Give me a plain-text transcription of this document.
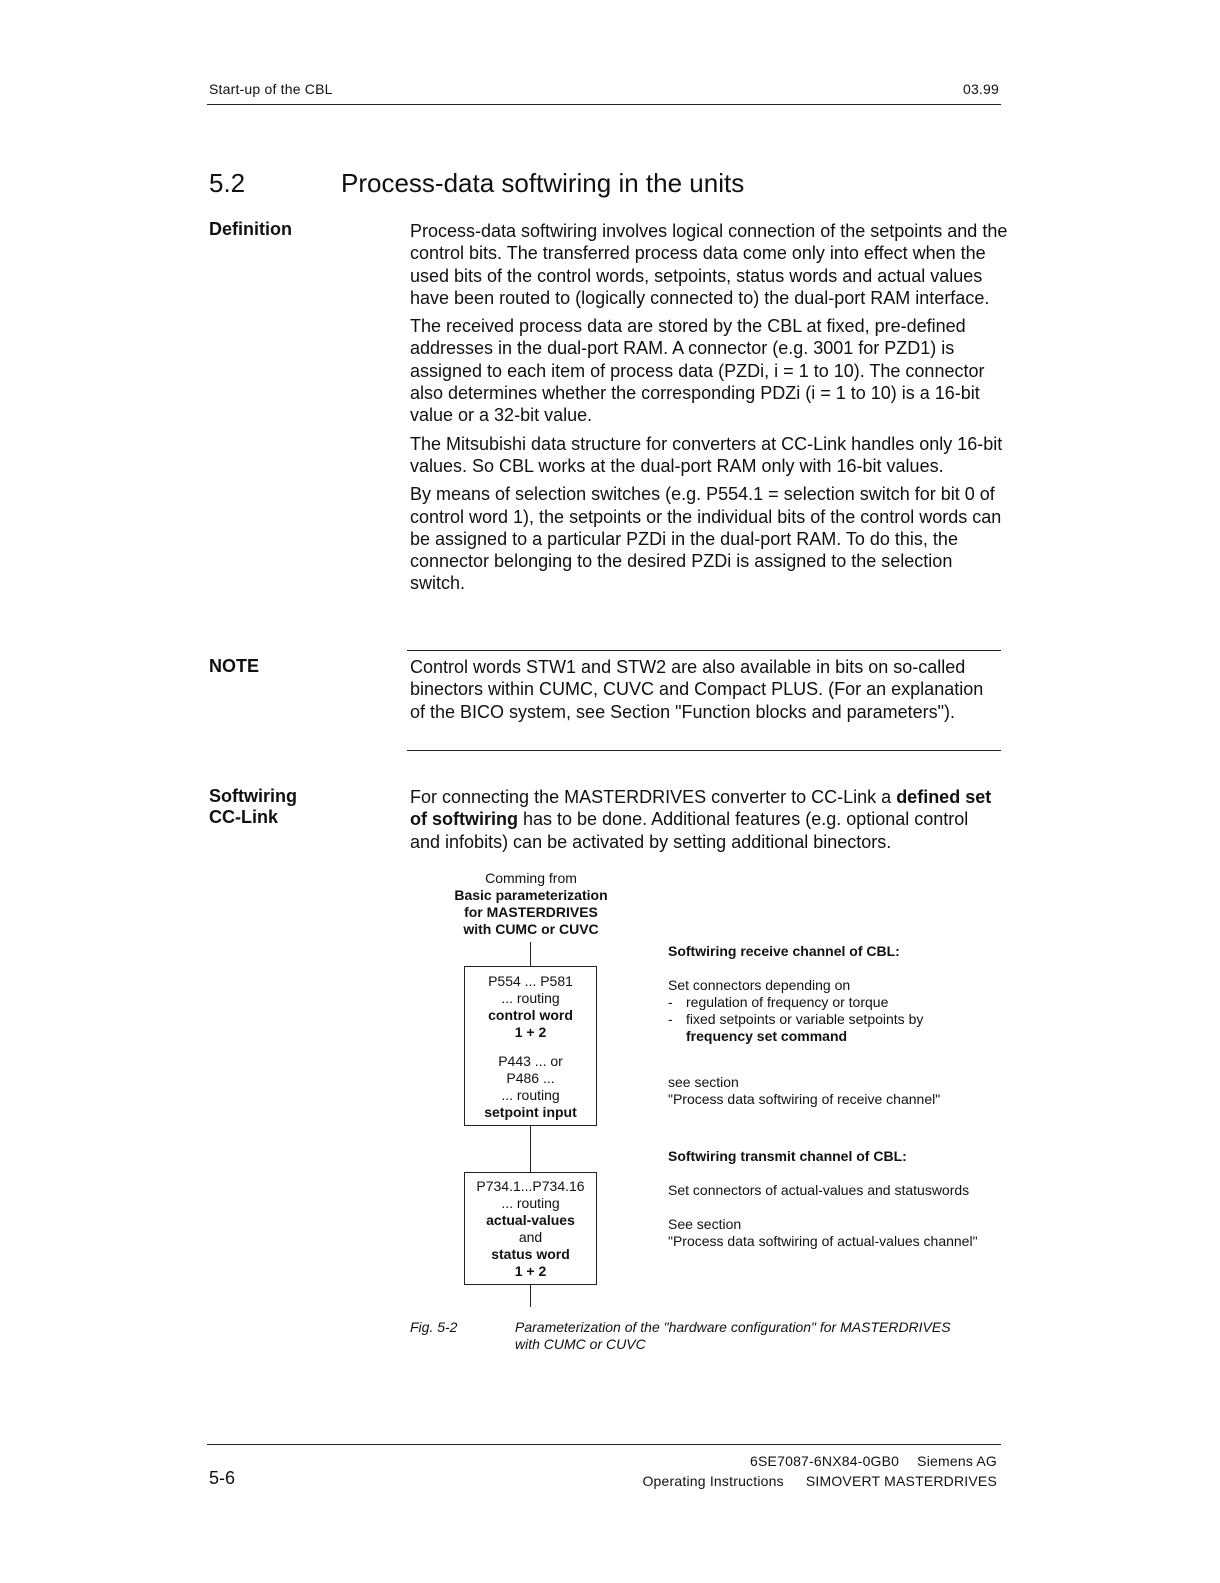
Start-up of the CBL	03.99
5.2	Process-data softwiring in the units
Definition	Process-data softwiring involves logical connection of the setpoints and the control bits. The transferred process data come only into effect when the used bits of the control words, setpoints, status words and actual values have been routed to (logically connected to) the dual-port RAM interface.

The received process data are stored by the CBL at fixed, pre-defined addresses in the dual-port RAM. A connector (e.g. 3001 for PZD1) is assigned to each item of process data (PZDi, i = 1 to 10). The connector also determines whether the corresponding PDZi (i = 1 to 10) is a 16-bit value or a 32-bit value.

The Mitsubishi data structure for converters at CC-Link handles only 16-bit values. So CBL works at the dual-port RAM only with 16-bit values.

By means of selection switches (e.g. P554.1 = selection switch for bit 0 of control word 1), the setpoints or the individual bits of the control words can be assigned to a particular PZDi in the dual-port RAM. To do this, the connector belonging to the desired PZDi is assigned to the selection switch.

NOTE	Control words STW1 and STW2 are also available in bits on so-called binectors within CUMC, CUVC and Compact PLUS. (For an explanation of the BICO system, see Section "Function blocks and parameters").
Softwiring
CC-Link
For connecting the MASTERDRIVES converter to CC-Link a defined set of softwiring has to be done. Additional features (e.g. optional control and infobits) can be activated by setting additional binectors.
Comming from
Basic parameterization
for MASTERDRIVES
with CUMC or CUVC
P554 ... P581
... routing
control word
1 + 2
P443 ... or
P486 ...
... routing
setpoint input
P734.1...P734.16
... routing
actual-values
and
status word
1 + 2
Softwiring receive channel of CBL:
Set connectors depending on
- regulation of frequency or torque
- fixed setpoints or variable setpoints by
frequency set command
see section
"Process data softwiring of receive channel"
Softwiring transmit channel of CBL:
Set connectors of actual-values and statuswords
See section
"Process data softwiring of actual-values channel"
Fig. 5-2	Parameterization of the "hardware configuration" for MASTERDRIVES
with CUMC or CUVC
5-6
6SE7087-6NX84-0GB0 Siemens AG
Operating Instructions SIMOVERT MASTERDRIVES
